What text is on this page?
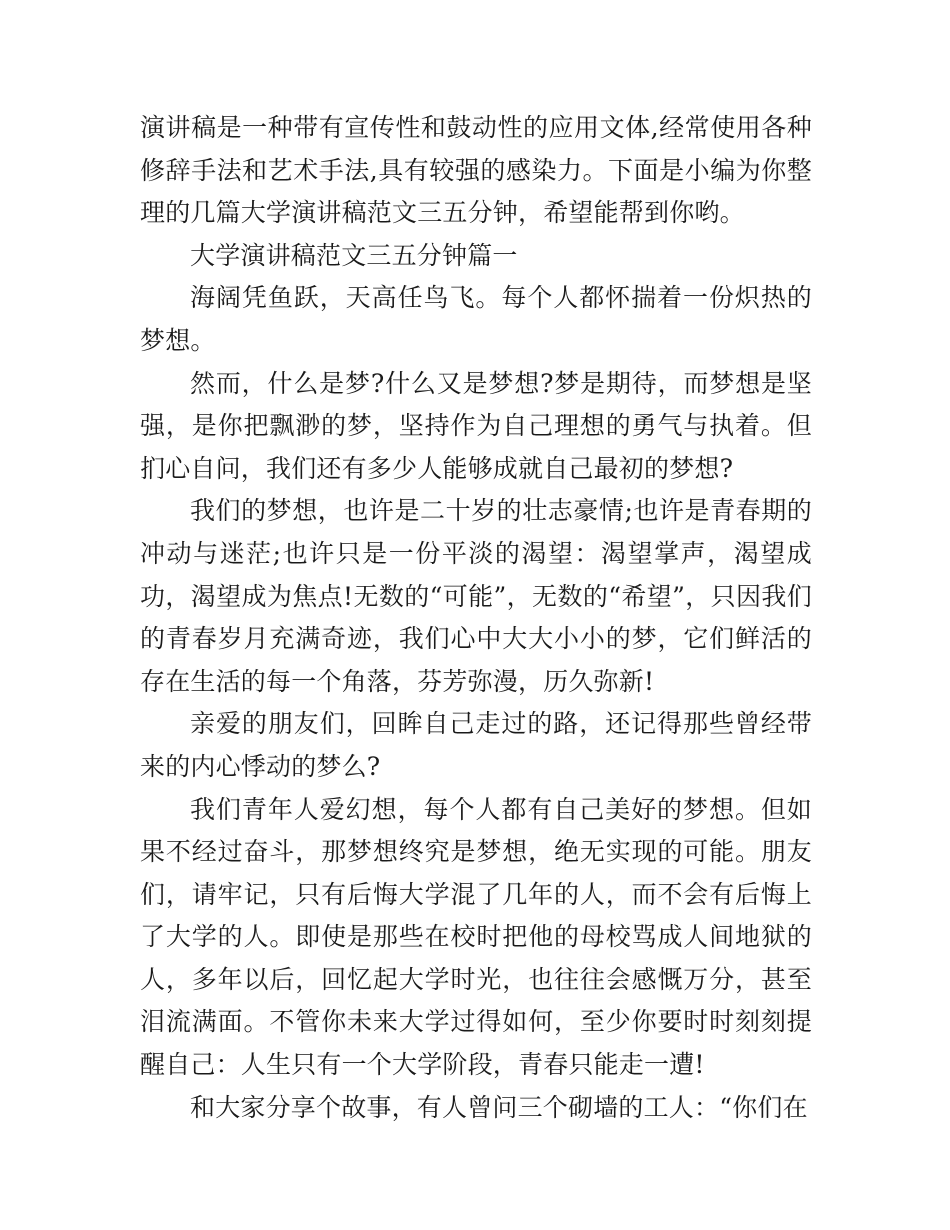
演讲稿是一种带有宣传性和鼓动性的应用文体,经常使用各种修辞手法和艺术手法,具有较强的感染力。下面是小编为你整理的几篇大学演讲稿范文三五分钟，希望能帮到你哟。

大学演讲稿范文三五分钟篇一

海阔凭鱼跃，天高任鸟飞。每个人都怀揣着一份炽热的梦想。

然而，什么是梦?什么又是梦想?梦是期待，而梦想是坚强，是你把飘渺的梦，坚持作为自己理想的勇气与执着。但扪心自问，我们还有多少人能够成就自己最初的梦想?

我们的梦想，也许是二十岁的壮志豪情;也许是青春期的冲动与迷茫;也许只是一份平淡的渴望：渴望掌声，渴望成功，渴望成为焦点!无数的“可能”，无数的“希望”，只因我们的青春岁月充满奇迹，我们心中大大小小的梦，它们鲜活的存在生活的每一个角落，芬芳弥漫，历久弥新!

亲爱的朋友们，回眸自己走过的路，还记得那些曾经带来的内心悸动的梦么?

我们青年人爱幻想，每个人都有自己美好的梦想。但如果不经过奋斗，那梦想终究是梦想，绝无实现的可能。朋友们，请牢记，只有后悔大学混了几年的人，而不会有后悔上了大学的人。即使是那些在校时把他的母校骂成人间地狱的人，多年以后，回忆起大学时光，也往往会感慨万分，甚至泪流满面。不管你未来大学过得如何，至少你要时时刻刻提醒自己：人生只有一个大学阶段，青春只能走一遭!

和大家分享个故事，有人曾问三个砌墙的工人：“你们在
